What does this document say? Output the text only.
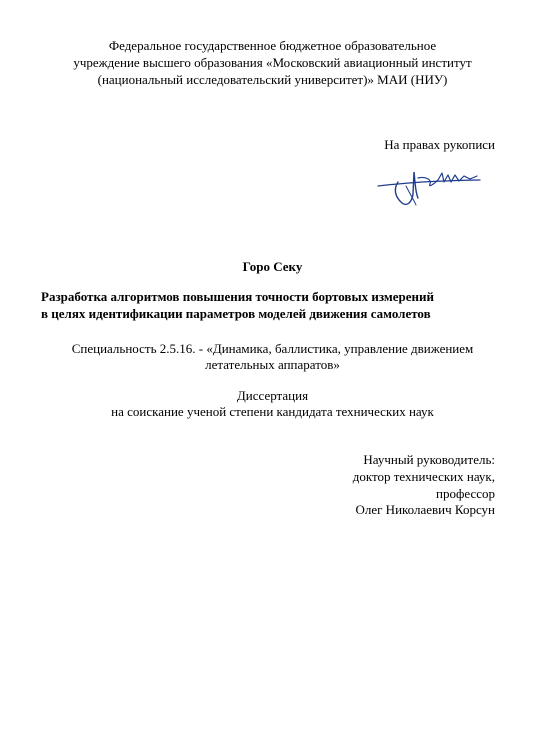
Федеральное государственное бюджетное образовательное
учреждение высшего образования «Московский авиационный институт
(национальный исследовательский университет)» МАИ (НИУ)
На правах рукописи
Горо Секу
Разработка алгоритмов повышения точности бортовых измерений
в целях идентификации параметров моделей движения самолетов
Специальность 2.5.16. - «Динамика, баллистика, управление движением
летательных аппаратов»
Диссертация
на соискание ученой степени кандидата технических наук
Научный руководитель:
доктор технических наук,
профессор
Олег Николаевич Корсун
